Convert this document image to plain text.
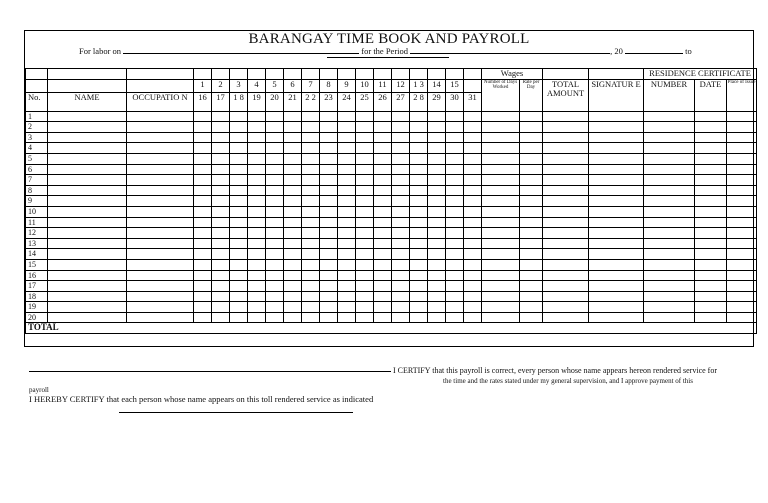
BARANGAY TIME BOOK AND PAYROLL
For labor on	for the Period	, 20	to
																			Wages				RESIDENCE CERTIFICATE		
			1	2	3	4	5	6	7	8	9	10	11	12	1 3	14	15		Number of Days Worked	Rate per Day	TOTAL AMOUNT	SIGNATUR E	NUMBER	DATE	Place of Issue
No.	NAME	OCCUPATIO N	16	17	1 8	19	20	21	2 2	23	24	25	26	27	2 8	29	30	31							
1																									
2																									
3																									
4																									
5																									
6																									
7																									
8																									
9																									
10																									
11																									
12																									
13																									
14																									
15																									
16																									
17																									
18																									
19																									
20																									
TOTAL																									
I CERTIFY that this payroll is correct, every person whose name appears hereon rendered service for
the time and the rates stated under my general supervision, and I approve payment of this
payroll
I HEREBY CERTIFY that each person whose name appears on this toll rendered service as indicated
